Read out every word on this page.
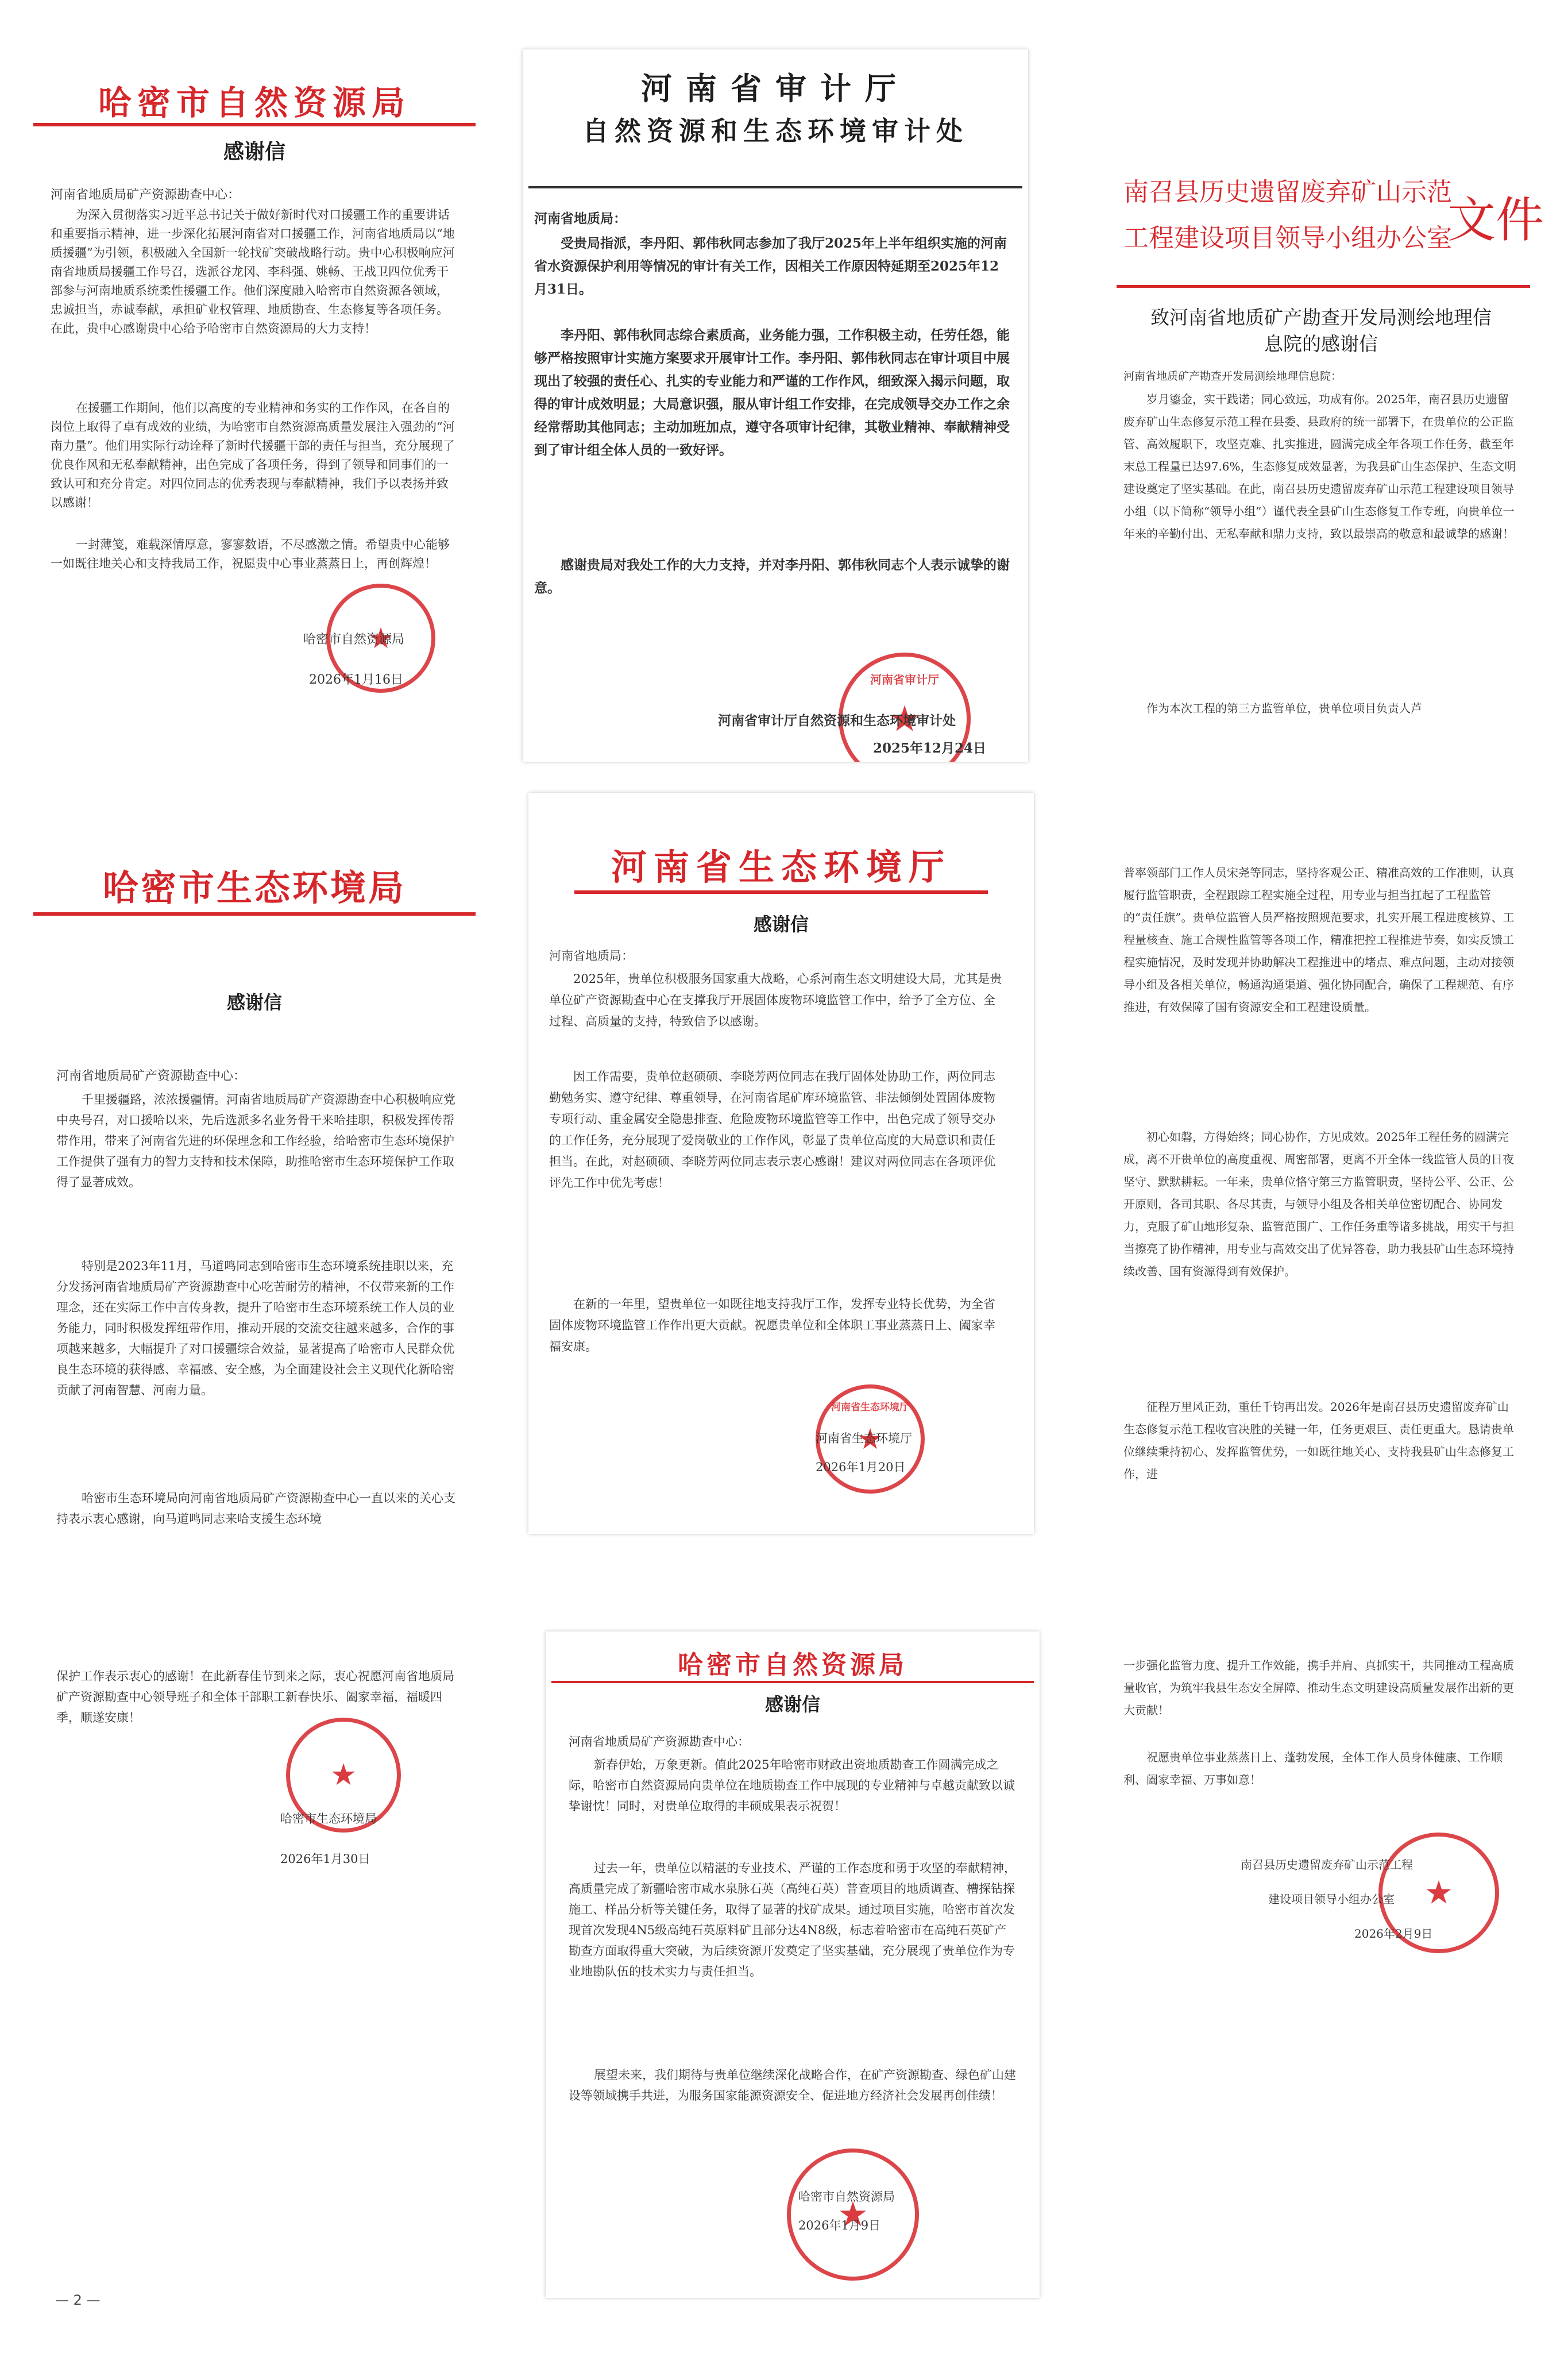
哈密市自然资源局
感谢信

河南省地质局矿产资源勘查中心：

为深入贯彻落实习近平总书记关于做好新时代对口援疆工作的重要讲话和重要指示精神，进一步深化拓展河南省对口援疆工作，河南省地质局以“地质援疆”为引领，积极融入全国新一轮找矿突破战略行动。贵中心积极响应河南省地质局援疆工作号召，选派谷龙冈、李科强、姚畅、王战卫四位优秀干部参与河南地质系统柔性援疆工作。他们深度融入哈密市自然资源各领域，忠诚担当，赤诚奉献，承担矿业权管理、地质勘查、生态修复等各项任务。在此，贵中心感谢贵中心给予哈密市自然资源局的大力支持！

在援疆工作期间，他们以高度的专业精神和务实的工作作风，在各自的岗位上取得了卓有成效的业绩，为哈密市自然资源高质量发展注入强劲的“河南力量”。他们用实际行动诠释了新时代援疆干部的责任与担当，充分展现了优良作风和无私奉献精神，出色完成了各项任务，得到了领导和同事们的一致认可和充分肯定。对四位同志的优秀表现与奉献精神，我们予以表扬并致以感谢！

一封薄笺，难载深情厚意，寥寥数语，不尽感激之情。希望贵中心能够一如既往地关心和支持我局工作，祝愿贵中心事业蒸蒸日上，再创辉煌！

★
哈密市自然资源局
2026年1月16日
河南省审计厅
自然资源和生态环境审计处

河南省地质局：

受贵局指派，李丹阳、郭伟秋同志参加了我厅2025年上半年组织实施的河南省水资源保护利用等情况的审计有关工作，因相关工作原因特延期至2025年12月31日。

李丹阳、郭伟秋同志综合素质高，业务能力强，工作积极主动，任劳任怨，能够严格按照审计实施方案要求开展审计工作。李丹阳、郭伟秋同志在审计项目中展现出了较强的责任心、扎实的专业能力和严谨的工作作风，细致深入揭示问题，取得的审计成效明显；大局意识强，服从审计组工作安排，在完成领导交办工作之余经常帮助其他同志；主动加班加点，遵守各项审计纪律，其敬业精神、奉献精神受到了审计组全体人员的一致好评。

感谢贵局对我处工作的大力支持，并对李丹阳、郭伟秋同志个人表示诚挚的谢意。

河南省审计厅
★
河南省审计厅自然资源和生态环境审计处
2025年12月24日
南召县历史遗留废弃矿山示范
工程建设项目领导小组办公室
文件

致河南省地质矿产勘查开发局测绘地理信息院的感谢信

河南省地质矿产勘查开发局测绘地理信息院：

岁月鎏金，实干践诺；同心致远，功成有你。2025年，南召县历史遗留废弃矿山生态修复示范工程在县委、县政府的统一部署下，在贵单位的公正监管、高效履职下，攻坚克难、扎实推进，圆满完成全年各项工作任务，截至年末总工程量已达97.6%，生态修复成效显著，为我县矿山生态保护、生态文明建设奠定了坚实基础。在此，南召县历史遗留废弃矿山示范工程建设项目领导小组（以下简称“领导小组”）谨代表全县矿山生态修复工作专班，向贵单位一年来的辛勤付出、无私奉献和鼎力支持，致以最崇高的敬意和最诚挚的感谢！

作为本次工程的第三方监管单位，贵单位项目负责人芦

普率领部门工作人员宋尧等同志，坚持客观公正、精准高效的工作准则，认真履行监管职责，全程跟踪工程实施全过程，用专业与担当扛起了工程监管的“责任旗”。贵单位监管人员严格按照规范要求，扎实开展工程进度核算、工程量核查、施工合规性监管等各项工作，精准把控工程推进节奏，如实反馈工程实施情况，及时发现并协助解决工程推进中的堵点、难点问题，主动对接领导小组及各相关单位，畅通沟通渠道、强化协同配合，确保了工程规范、有序推进，有效保障了国有资源安全和工程建设质量。

初心如磐，方得始终；同心协作，方见成效。2025年工程任务的圆满完成，离不开贵单位的高度重视、周密部署，更离不开全体一线监管人员的日夜坚守、默默耕耘。一年来，贵单位恪守第三方监管职责，坚持公平、公正、公开原则，各司其职、各尽其责，与领导小组及各相关单位密切配合、协同发力，克服了矿山地形复杂、监管范围广、工作任务重等诸多挑战，用实干与担当擦亮了协作精神，用专业与高效交出了优异答卷，助力我县矿山生态环境持续改善、国有资源得到有效保护。

征程万里风正劲，重任千钧再出发。2026年是南召县历史遗留废弃矿山生态修复示范工程收官决胜的关键一年，任务更艰巨、责任更重大。恳请贵单位继续秉持初心、发挥监管优势，一如既往地关心、支持我县矿山生态修复工作，进

一步强化监管力度、提升工作效能，携手并肩、真抓实干，共同推动工程高质量收官，为筑牢我县生态安全屏障、推动生态文明建设高质量发展作出新的更大贡献！

祝愿贵单位事业蒸蒸日上、蓬勃发展，全体工作人员身体健康、工作顺利、阖家幸福、万事如意！

★
南召县历史遗留废弃矿山示范工程
建设项目领导小组办公室
2026年2月9日
哈密市生态环境局
感谢信

河南省地质局矿产资源勘查中心：

千里援疆路，浓浓援疆情。河南省地质局矿产资源勘查中心积极响应党中央号召，对口援哈以来，先后选派多名业务骨干来哈挂职，积极发挥传帮带作用，带来了河南省先进的环保理念和工作经验，给哈密市生态环境保护工作提供了强有力的智力支持和技术保障，助推哈密市生态环境保护工作取得了显著成效。

特别是2023年11月，马道鸣同志到哈密市生态环境系统挂职以来，充分发扬河南省地质局矿产资源勘查中心吃苦耐劳的精神，不仅带来新的工作理念，还在实际工作中言传身教，提升了哈密市生态环境系统工作人员的业务能力，同时积极发挥纽带作用，推动开展的交流交往越来越多，合作的事项越来越多，大幅提升了对口援疆综合效益，显著提高了哈密市人民群众优良生态环境的获得感、幸福感、安全感，为全面建设社会主义现代化新哈密贡献了河南智慧、河南力量。

哈密市生态环境局向河南省地质局矿产资源勘查中心一直以来的关心支持表示衷心感谢，向马道鸣同志来哈支援生态环境

保护工作表示衷心的感谢！在此新春佳节到来之际，衷心祝愿河南省地质局矿产资源勘查中心领导班子和全体干部职工新春快乐、阖家幸福，福暖四季，顺遂安康！

★
哈密市生态环境局
2026年1月30日
河南省生态环境厅
感谢信

河南省地质局：

2025年，贵单位积极服务国家重大战略，心系河南生态文明建设大局，尤其是贵单位矿产资源勘查中心在支撑我厅开展固体废物环境监管工作中，给予了全方位、全过程、高质量的支持，特致信予以感谢。

因工作需要，贵单位赵硕硕、李晓芳两位同志在我厅固体处协助工作，两位同志勤勉务实、遵守纪律、尊重领导，在河南省尾矿库环境监管、非法倾倒处置固体废物专项行动、重金属安全隐患排查、危险废物环境监管等工作中，出色完成了领导交办的工作任务，充分展现了爱岗敬业的工作作风，彰显了贵单位高度的大局意识和责任担当。在此，对赵硕硕、李晓芳两位同志表示衷心感谢！建议对两位同志在各项评优评先工作中优先考虑！

在新的一年里，望贵单位一如既往地支持我厅工作，发挥专业特长优势，为全省固体废物环境监管工作作出更大贡献。祝愿贵单位和全体职工事业蒸蒸日上、阖家幸福安康。

河南省生态环境厅
★
河南省生态环境厅
2026年1月20日
哈密市自然资源局
感谢信

河南省地质局矿产资源勘查中心：

新春伊始，万象更新。值此2025年哈密市财政出资地质勘查工作圆满完成之际，哈密市自然资源局向贵单位在地质勘查工作中展现的专业精神与卓越贡献致以诚挚谢忱！同时，对贵单位取得的丰硕成果表示祝贺！

过去一年，贵单位以精湛的专业技术、严谨的工作态度和勇于攻坚的奉献精神，高质量完成了新疆哈密市咸水泉脉石英（高纯石英）普查项目的地质调查、槽探钻探施工、样品分析等关键任务，取得了显著的找矿成果。通过项目实施，哈密市首次发现首次发现4N5级高纯石英原料矿且部分达4N8级，标志着哈密市在高纯石英矿产勘查方面取得重大突破，为后续资源开发奠定了坚实基础，充分展现了贵单位作为专业地勘队伍的技术实力与责任担当。

展望未来，我们期待与贵单位继续深化战略合作，在矿产资源勘查、绿色矿山建设等领域携手共进，为服务国家能源资源安全、促进地方经济社会发展再创佳绩！

★
哈密市自然资源局
2026年1月9日
— 2 —
